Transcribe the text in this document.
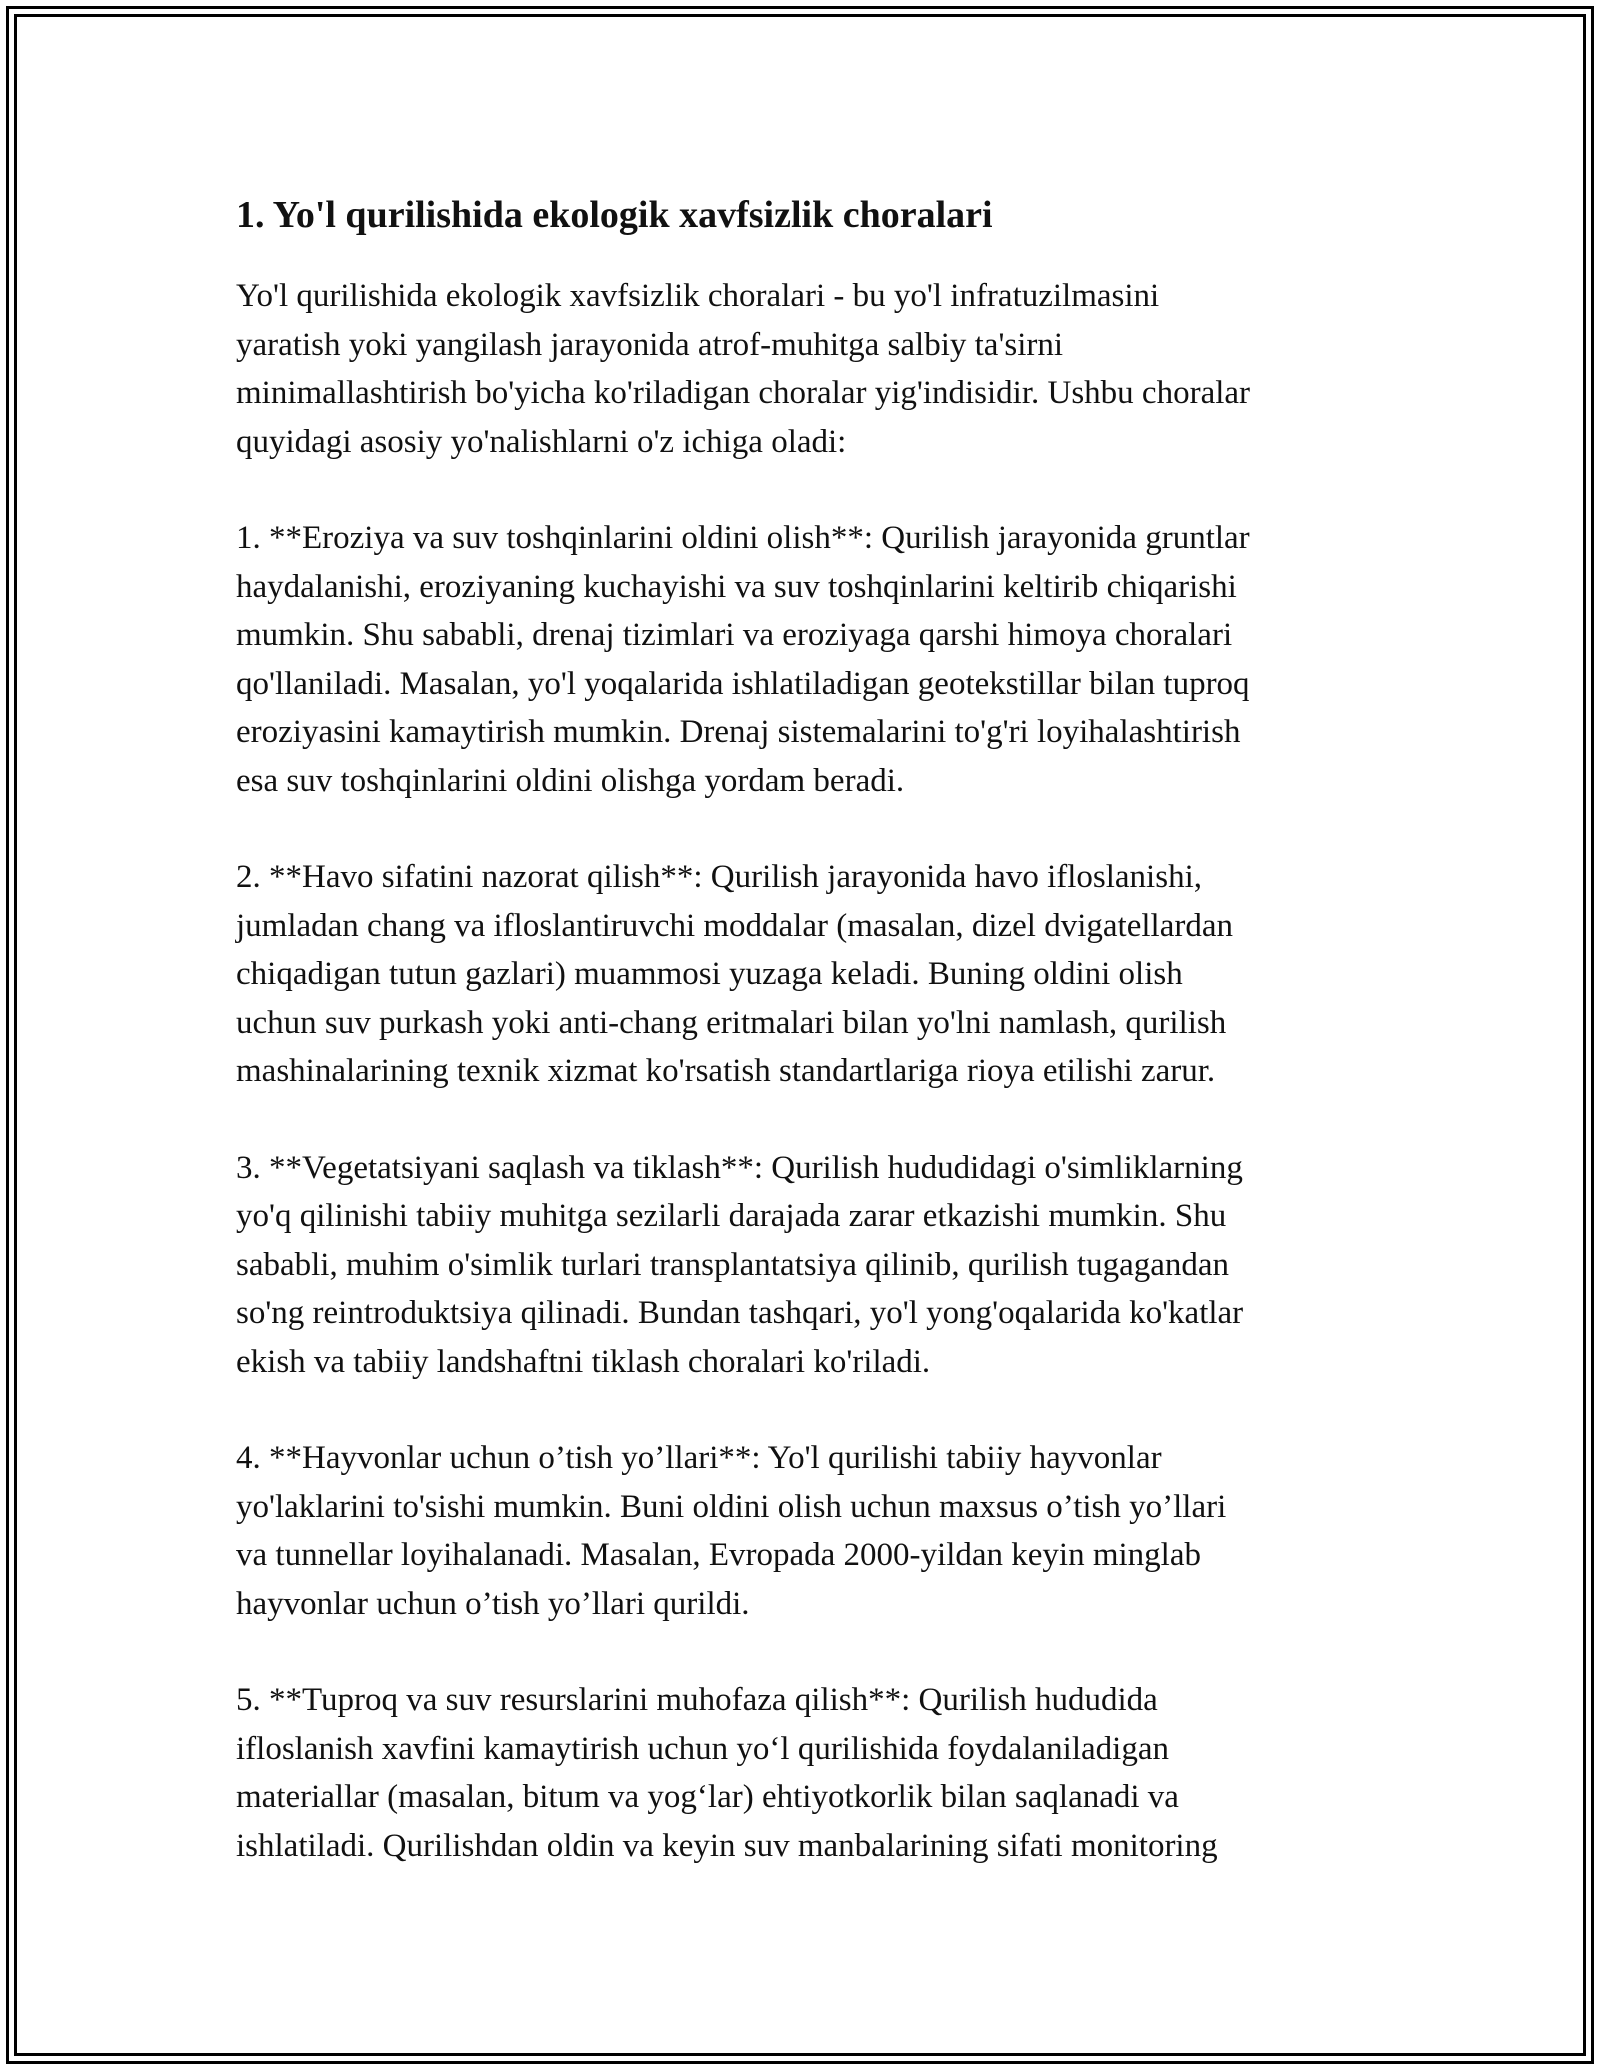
1. Yo'l qurilishida ekologik xavfsizlik choralari

Yo'l qurilishida ekologik xavfsizlik choralari - bu yo'l infratuzilmasini
yaratish yoki yangilash jarayonida atrof-muhitga salbiy ta'sirni
minimallashtirish bo'yicha ko'riladigan choralar yig'indisidir. Ushbu choralar
quyidagi asosiy yo'nalishlarni o'z ichiga oladi:

1. **Eroziya va suv toshqinlarini oldini olish**: Qurilish jarayonida gruntlar
haydalanishi, eroziyaning kuchayishi va suv toshqinlarini keltirib chiqarishi
mumkin. Shu sababli, drenaj tizimlari va eroziyaga qarshi himoya choralari
qo'llaniladi. Masalan, yo'l yoqalarida ishlatiladigan geotekstillar bilan tuproq
eroziyasini kamaytirish mumkin. Drenaj sistemalarini to'g'ri loyihalashtirish
esa suv toshqinlarini oldini olishga yordam beradi.

2. **Havo sifatini nazorat qilish**: Qurilish jarayonida havo ifloslanishi,
jumladan chang va ifloslantiruvchi moddalar (masalan, dizel dvigatellardan
chiqadigan tutun gazlari) muammosi yuzaga keladi. Buning oldini olish
uchun suv purkash yoki anti-chang eritmalari bilan yo'lni namlash, qurilish
mashinalarining texnik xizmat ko'rsatish standartlariga rioya etilishi zarur.

3. **Vegetatsiyani saqlash va tiklash**: Qurilish hududidagi o'simliklarning
yo'q qilinishi tabiiy muhitga sezilarli darajada zarar etkazishi mumkin. Shu
sababli, muhim o'simlik turlari transplantatsiya qilinib, qurilish tugagandan
so'ng reintroduktsiya qilinadi. Bundan tashqari, yo'l yong'oqalarida ko'katlar
ekish va tabiiy landshaftni tiklash choralari ko'riladi.

4. **Hayvonlar uchun o’tish yo’llari**: Yo'l qurilishi tabiiy hayvonlar
yo'laklarini to'sishi mumkin. Buni oldini olish uchun maxsus o’tish yo’llari
va tunnellar loyihalanadi. Masalan, Evropada 2000-yildan keyin minglab
hayvonlar uchun o’tish yo’llari qurildi.

5. **Tuproq va suv resurslarini muhofaza qilish**: Qurilish hududida
ifloslanish xavfini kamaytirish uchun yo‘l qurilishida foydalaniladigan
materiallar (masalan, bitum va yog‘lar) ehtiyotkorlik bilan saqlanadi va
ishlatiladi. Qurilishdan oldin va keyin suv manbalarining sifati monitoring
